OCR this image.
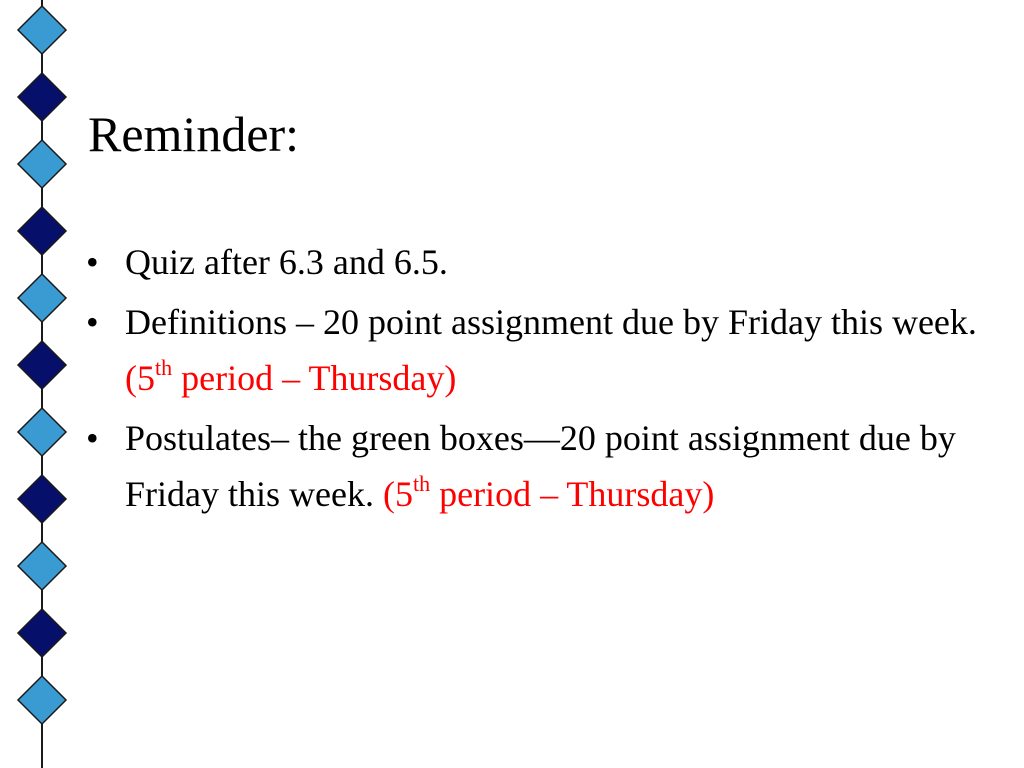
Reminder:
• Quiz after 6.3 and 6.5.
• Definitions – 20 point assignment due by Friday this week. (5th period – Thursday)
• Postulates– the green boxes—20 point assignment due by Friday this week. (5th period – Thursday)
